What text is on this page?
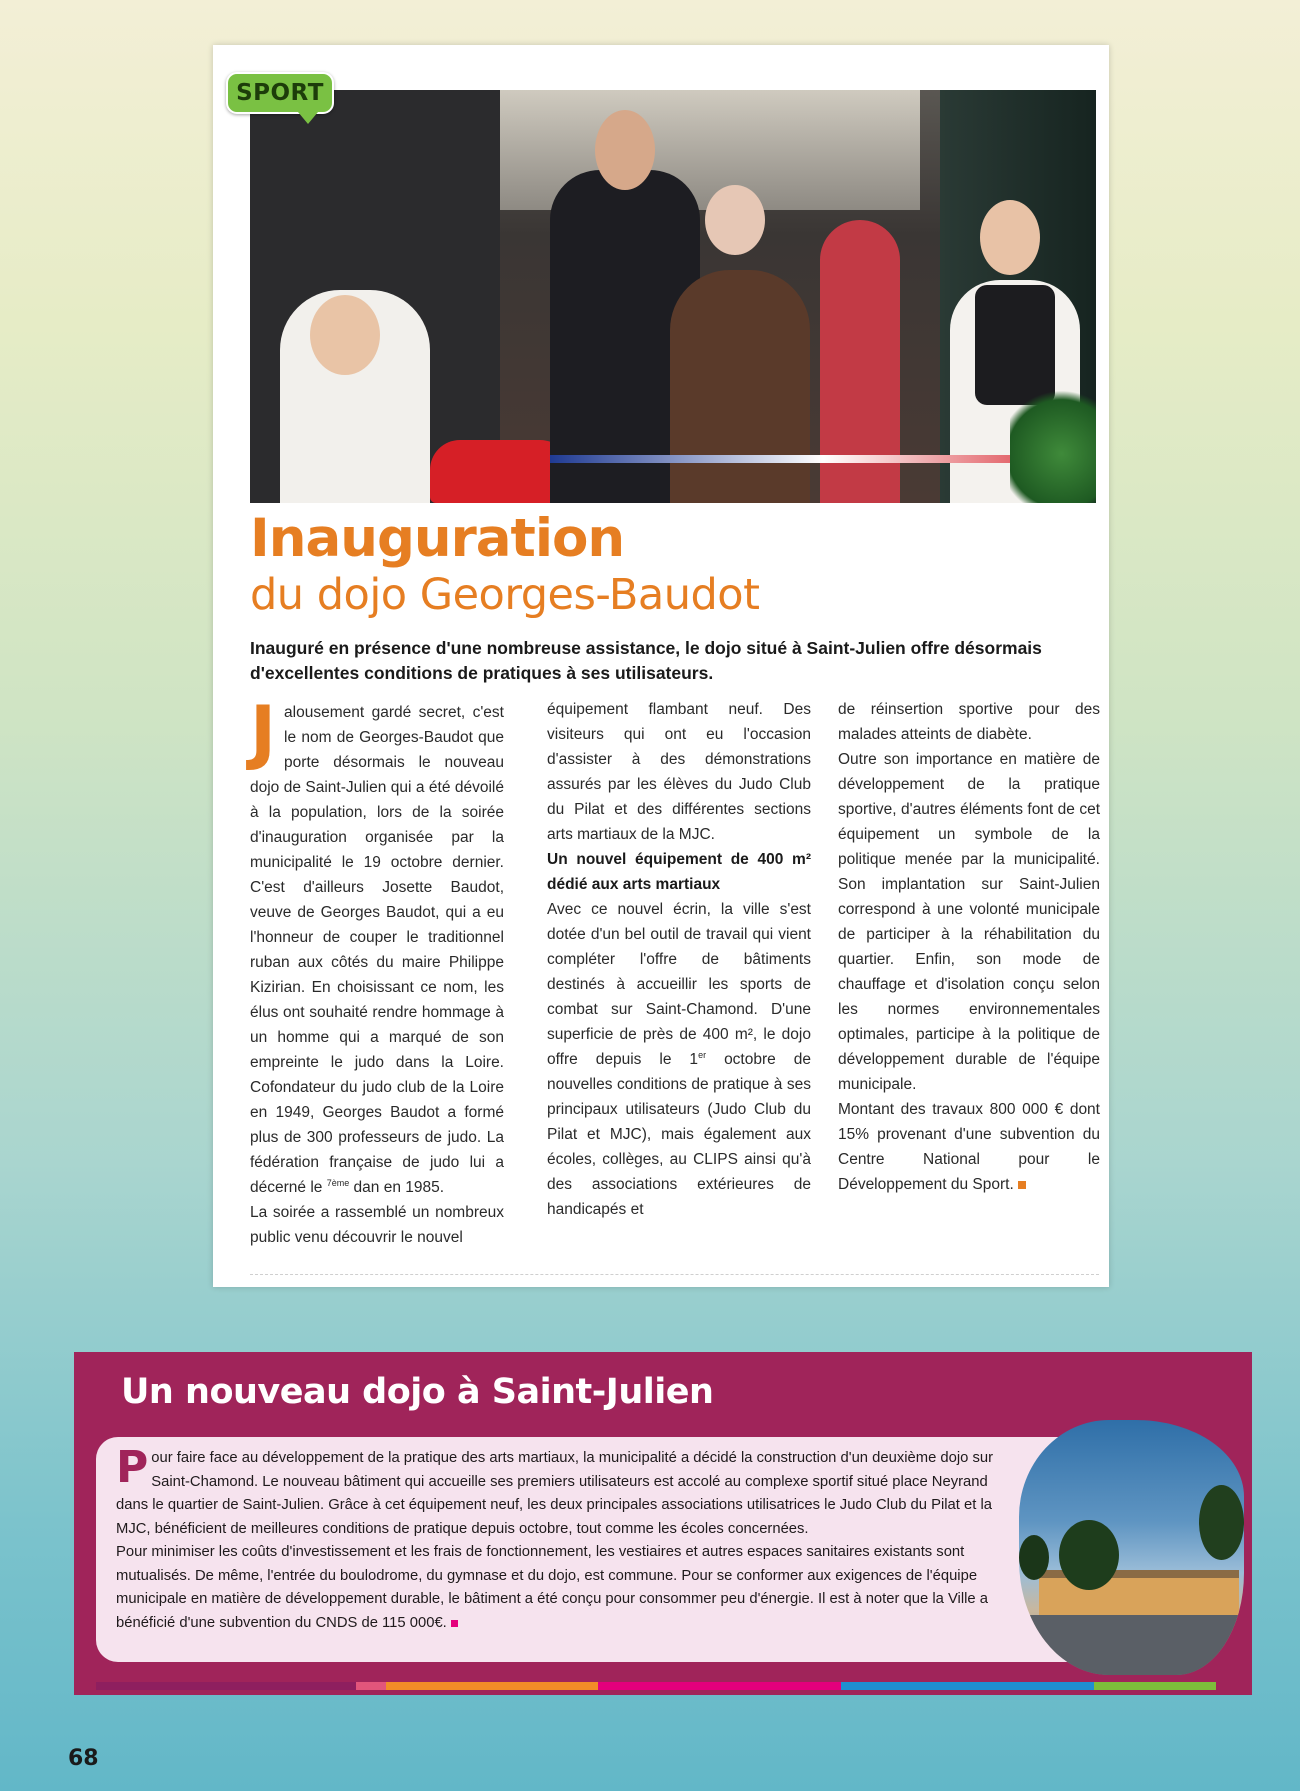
SPORT
Inauguration
du dojo Georges-Baudot

Inauguré en présence d'une nombreuse assistance, le dojo situé à Saint-Julien offre désormais d'excellentes conditions de pratiques à ses utilisateurs.

J alousement gardé secret, c'est le nom de Georges-Baudot que porte désormais le nouveau dojo de Saint-Julien qui a été dévoilé à la population, lors de la soirée d'inauguration organisée par la municipalité le 19 octobre dernier. C'est d'ailleurs Josette Baudot, veuve de Georges Baudot, qui a eu l'honneur de couper le traditionnel ruban aux côtés du maire Philippe Kizirian. En choisissant ce nom, les élus ont souhaité rendre hommage à un homme qui a marqué de son empreinte le judo dans la Loire. Cofondateur du judo club de la Loire en 1949, Georges Baudot a formé plus de 300 professeurs de judo. La fédération française de judo lui a décerné le $^{7ème}$ dan en 1985.

La soirée a rassemblé un nombreux public venu découvrir le nouvel

équipement flambant neuf. Des visiteurs qui ont eu l'occasion d'assister à des démonstrations assurés par les élèves du Judo Club du Pilat et des différentes sections arts martiaux de la MJC.

Un nouvel équipement de 400 m² dédié aux arts martiaux

Avec ce nouvel écrin, la ville s'est dotée d'un bel outil de travail qui vient compléter l'offre de bâtiments destinés à accueillir les sports de combat sur Saint-Chamond. D'une superficie de près de 400 m², le dojo offre depuis le 1er octobre de nouvelles conditions de pratique à ses principaux utilisateurs (Judo Club du Pilat et MJC), mais également aux écoles, collèges, au CLIPS ainsi qu'à des associations extérieures de handicapés et

de réinsertion sportive pour des malades atteints de diabète.

Outre son importance en matière de développement de la pratique sportive, d'autres éléments font de cet équipement un symbole de la politique menée par la municipalité. Son implantation sur Saint-Julien correspond à une volonté municipale de participer à la réhabilitation du quartier. Enfin, son mode de chauffage et d'isolation conçu selon les normes environnementales optimales, participe à la politique de développement durable de l'équipe municipale.

Montant des travaux 800 000 € dont 15% provenant d'une subvention du Centre National pour le Développement du Sport.

Un nouveau dojo à Saint-Julien
P our faire face au développement de la pratique des arts martiaux, la municipalité a décidé la construction d'un deuxième dojo sur Saint-Chamond. Le nouveau bâtiment qui accueille ses premiers utilisateurs est accolé au complexe sportif situé place Neyrand dans le quartier de Saint-Julien. Grâce à cet équipement neuf, les deux principales associations utilisatrices le Judo Club du Pilat et la MJC, bénéficient de meilleures conditions de pratique depuis octobre, tout comme les écoles concernées.

Pour minimiser les coûts d'investissement et les frais de fonctionnement, les vestiaires et autres espaces sanitaires existants sont mutualisés. De même, l'entrée du boulodrome, du gymnase et du dojo, est commune. Pour se conformer aux exigences de l'équipe municipale en matière de développement durable, le bâtiment a été conçu pour consommer peu d'énergie. Il est à noter que la Ville a bénéficié d'une subvention du CNDS de 115 000€.

68
